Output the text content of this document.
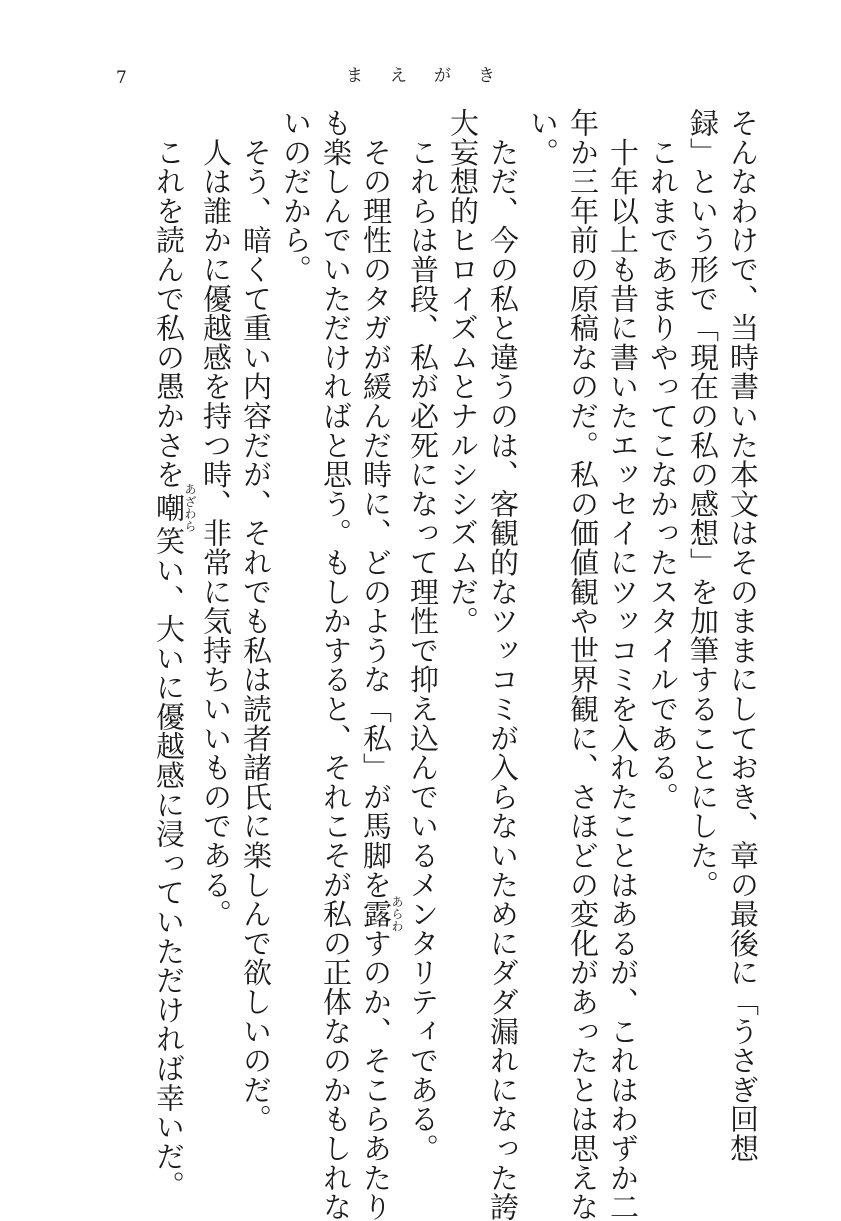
7	まえがき

そんなわけで、当時書いた本文はそのままにしておき、章の最後に「うさぎ回想

録」という形で「現在の私の感想」を加筆することにした。

　これまであまりやってこなかったスタイルである。

　十年以上も昔に書いたエッセイにツッコミを入れたことはあるが、これはわずか二

年か三年前の原稿なのだ。私の価値観や世界観に、さほどの変化があったとは思えな

い。

　ただ、今の私と違うのは、客観的なツッコミが入らないためにダダ漏れになった誇

大妄想的ヒロイズムとナルシシズムだ。

　これらは普段、私が必死になって理性で抑え込んでいるメンタリティである。

　その理性のタガが緩んだ時に、どのような「私」が馬脚を露あらわすのか、そこらあたり

も楽しんでいただければと思う。もしかすると、それこそが私の正体なのかもしれな

いのだから。

　そう、暗くて重い内容だが、それでも私は読者諸氏に楽しんで欲しいのだ。

　人は誰かに優越感を持つ時、非常に気持ちいいものである。

　これを読んで私の愚かさを嘲あざわら笑い、大いに優越感に浸っていただければ幸いだ。
